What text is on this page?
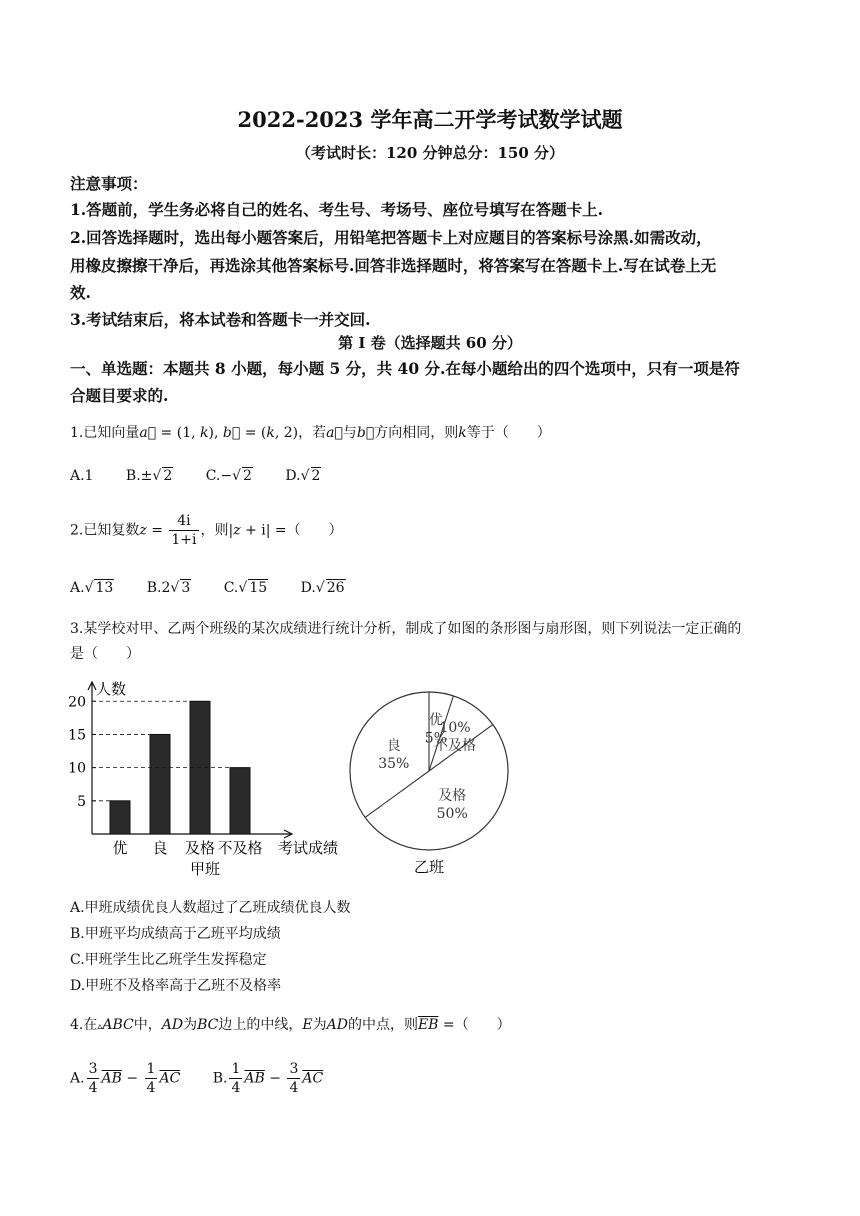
2022-2023 学年高二开学考试数学试题
（考试时长：120 分钟总分：150 分）
注意事项：
1.答题前，学生务必将自己的姓名、考生号、考场号、座位号填写在答题卡上.
2.回答选择题时，选出每小题答案后，用铅笔把答题卡上对应题目的答案标号涂黑.如需改动，
用橡皮擦擦干净后，再选涂其他答案标号.回答非选择题时，将答案写在答题卡上.写在试卷上无
效.
3.考试结束后，将本试卷和答题卡一并交回.
第 I 卷（选择题共 60 分）
一、单选题：本题共 8 小题，每小题 5 分，共 40 分.在每小题给出的四个选项中，只有一项是符
合题目要求的.
1.已知向量a⃗ = (1, k), b⃗ = (k, 2)，若a⃗与b⃗方向相同，则k等于（　　）
A.1 B.±√ 2 C.−√ 2 D.√ 2
2.已知复数$z = \frac{4i}{1+i}$ ，则|z + i| =（　　）
A.√ 13 B.2√ 3 C.√ 15 D.√ 26
3.某学校对甲、乙两个班级的某次成绩进行统计分析，制成了如图的条形图与扇形图，则下列说法一定正确的
是（　　）
5
10
15
20
优 良 及格 不及格
人数
考试成绩
甲班
优
5%
10%
不及格
及格
50%
良
35%
乙班
A.甲班成绩优良人数超过了乙班成绩优良人数
B.甲班平均成绩高于乙班平均成绩
C.甲班学生比乙班学生发挥稳定
D.甲班不及格率高于乙班不及格率
4.在▵ABC中，AD为BC边上的中线，E为AD的中点，则$\overline{EB}$ =（　　）
A. $\frac{3}{4} \overline{AB} - \frac{1}{4} \overline{AC}$ B. $\frac{1}{4} \overline{AB} - \frac{3}{4} \overline{AC}$
